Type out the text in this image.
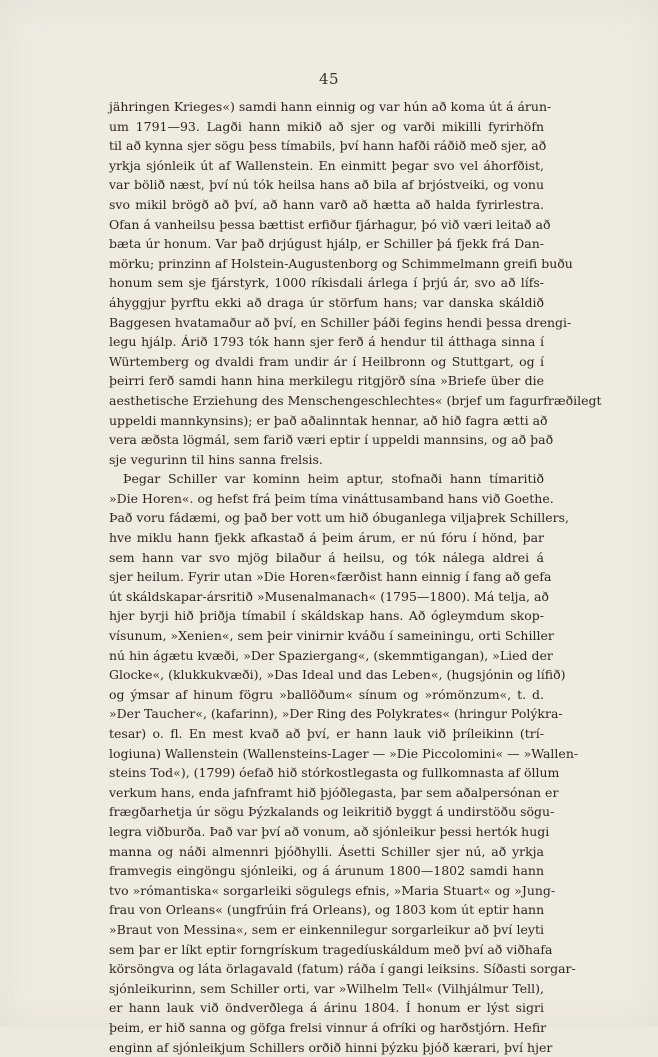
45
jähringen Krieges«) samdi hann einnig og var hún að koma út á árun-
um 1791—93. Lagði hann mikið að sjer og varði mikilli fyrirhöfn
til að kynna sjer sögu þess tímabils, því hann hafði ráðið með sjer, að
yrkja sjónleik út af Wallenstein. En einmitt þegar svo vel áhorfðist,
var bölið næst, því nú tók heilsa hans að bila af brjóstveiki, og vonu
svo mikil brögð að því, að hann varð að hætta að halda fyrirlestra.
Ofan á vanheilsu þessa bættist erfiður fjárhagur, þó við væri leitað að
bæta úr honum. Var það drjúgust hjálp, er Schiller þá fjekk frá Dan-
mörku; prinzinn af Holstein-Augustenborg og Schimmelmann greifi buðu
honum sem sje fjárstyrk, 1000 ríkisdali árlega í þrjú ár, svo að lífs-
áhyggjur þyrftu ekki að draga úr störfum hans; var danska skáldið
Baggesen hvatamaður að því, en Schiller þáði fegins hendi þessa drengi-
legu hjálp. Árið 1793 tók hann sjer ferð á hendur til átthaga sinna í
Würtemberg og dvaldi fram undir ár í Heilbronn og Stuttgart, og í
þeirri ferð samdi hann hina merkilegu ritgjörð sína »Briefe über die
aesthetische Erziehung des Menschengeschlechtes« (brjef um fagurfræðilegt
uppeldi mannkynsins); er það aðalinntak hennar, að hið fagra ætti að
vera æðsta lögmál, sem farið væri eptir í uppeldi mannsins, og að það
sje vegurinn til hins sanna frelsis.
Þegar Schiller var kominn heim aptur, stofnaði hann tímaritið
»Die Horen«. og hefst frá þeim tíma vináttusamband hans við Goethe.
Það voru fádæmi, og það ber vott um hið óbuganlega viljaþrek Schillers,
hve miklu hann fjekk afkastað á þeim árum, er nú fóru í hönd, þar
sem hann var svo mjög bilaður á heilsu, og tók nálega aldrei á
sjer heilum. Fyrir utan »Die Horen«færðist hann einnig í fang að gefa
út skáldskapar-ársritið »Musenalmanach« (1795—1800). Má telja, að
hjer byrji hið þriðja tímabil í skáldskap hans. Að ógleymdum skop-
vísunum, »Xenien«, sem þeir vinirnir kváðu í sameiningu, orti Schiller
nú hin ágætu kvæði, »Der Spaziergang«, (skemmtigangan), »Lied der
Glocke«, (klukkukvæði), »Das Ideal und das Leben«, (hugsjónin og lífið)
og ýmsar af hinum fögru »ballöðum« sínum og »rómönzum«, t. d.
»Der Taucher«, (kafarinn), »Der Ring des Polykrates« (hringur Polýkra-
tesar) o. fl. En mest kvað að því, er hann lauk við þríleikinn (trí-
logiuna) Wallenstein (Wallensteins-Lager — »Die Piccolomini« — »Wallen-
steins Tod«), (1799) óefað hið stórkostlegasta og fullkomnasta af öllum
verkum hans, enda jafnframt hið þjóðlegasta, þar sem aðalpersónan er
frægðarhetja úr sögu Þýzkalands og leikritið byggt á undirstöðu sögu-
legra viðburða. Það var því að vonum, að sjónleikur þessi hertók hugi
manna og náði almennri þjóðhylli. Ásetti Schiller sjer nú, að yrkja
framvegis eingöngu sjónleiki, og á árunum 1800—1802 samdi hann
tvo »rómantiska« sorgarleiki sögulegs efnis, »Maria Stuart« og »Jung-
frau von Orleans« (ungfrúin frá Orleans), og 1803 kom út eptir hann
»Braut von Messina«, sem er einkennilegur sorgarleikur að því leyti
sem þar er líkt eptir forngrískum tragedíuskáldum með því að viðhafa
körsöngva og láta örlagavald (fatum) ráða í gangi leiksins. Síðasti sorgar-
sjónleikurinn, sem Schiller orti, var »Wilhelm Tell« (Vilhjálmur Tell),
er hann lauk við öndverðlega á árinu 1804. Í honum er lýst sigri
þeim, er hið sanna og göfga frelsi vinnur á ofríki og harðstjórn. Hefir
enginn af sjónleikjum Schillers orðið hinni þýzku þjóð kærari, því hjer
